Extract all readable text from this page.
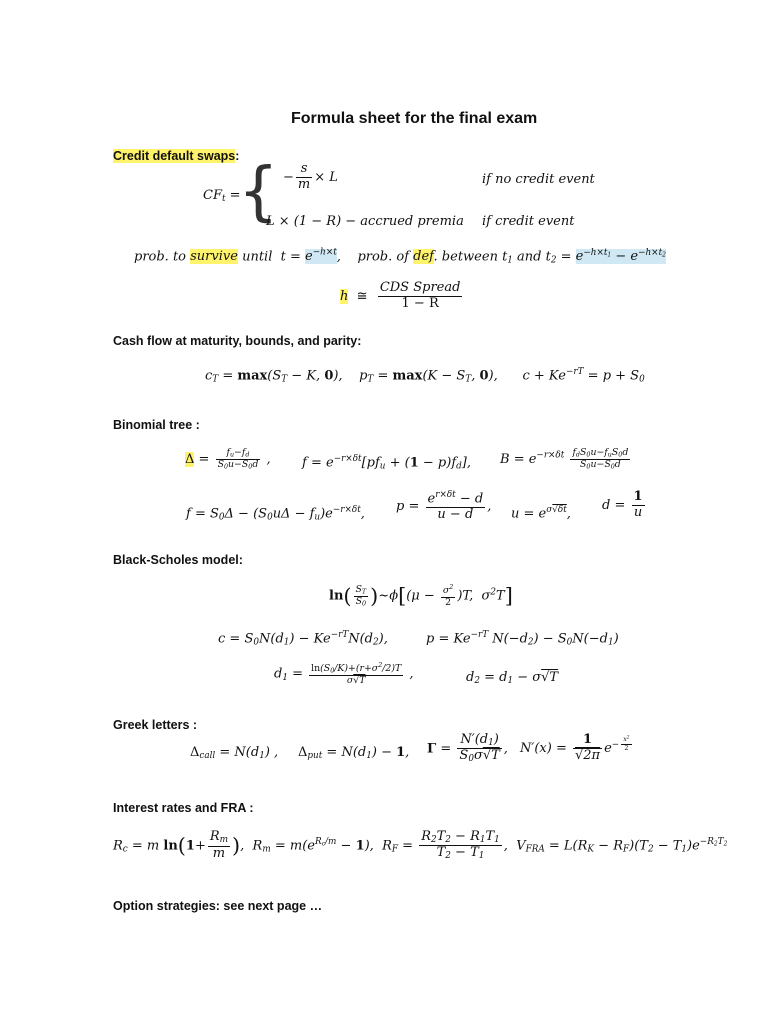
Formula sheet for the final exam
Credit default swaps:
$CF_t$ =
{ − $\frac{s}{m} \times L$	if no credit event
L × (1 − R) − accrued premia if credit event
prob. to survive until  $t = e^{-h\times t}$,    prob. of def. between $t_1$ and $t_2 = e^{-h\times t_1} - e^{-h\times t_2}$
h ≅ $\frac{\text{CDS Spread}}{1 - R}$
Cash flow at maturity, bounds, and parity:
$c_T = \max(S_T - K$, 0),    $p_T = \max(K - S_T$, 0),      $c + Ke^{-rT} = p + S_0$
Binomial tree :
$\Delta = \frac{f_u-f_d}{S_0u-S_0d}$ , $f = e^{-r\times\delta t}[pf_u + (1 - p)f_d]$, $B = e^{-r\times\delta t} \frac{f_dS_0u-f_uS_0d}{S_0u-S_0d}$
$f = S_0\Delta - (S_0u\Delta - f_u)e^{-r\times\delta t}$, $p = \frac{e^{r\times\delta t} - d}{u - d}$ , $u = e^{\sigma√\delta t}$,
$d = \frac{1}{u}$
Black-Scholes model:
$\ln( \frac{S_T}{S_0}$ )~ϕ[(μ − $\frac{\sigma^2}{2} )T$,  $\sigma^2T$]
$c = S_0N(d_1) - Ke^{-rT}N(d_2)$,	$p = Ke^{-rT}$ $N(-d_2) - S_0N(-d_1)$
$d_1 = \frac{\ln(S_0/K)+(r+\sigma^2/2)T}{\sigma√T}$ ,	$d_2 = d_1 - \sigma√T$
Greek letters :
$\Delta_{call} = N(d_1)$ , $\Delta_{put} = N(d_1) - 1$, $\Gamma = \frac{N'(d_1)}{S_0\sigma√T}$ , $N'(x) = \frac{1}{√2\pi} e^{- \frac{x^2}{2}}$
Interest rates and FRA :
$R_c = m$ $\ln(1+ \frac{R_m}{m}$ ),  $R_m = m(e^{R_c/m} - 1)$,  $R_F = \frac{R_2T_2 - R_1T_1}{T_2 - T_1}$ ,  $V_{FRA} = L(R_K - R_F)(T_2 - T_1)e^{-R_2T_2}$
Option strategies: see next page …
